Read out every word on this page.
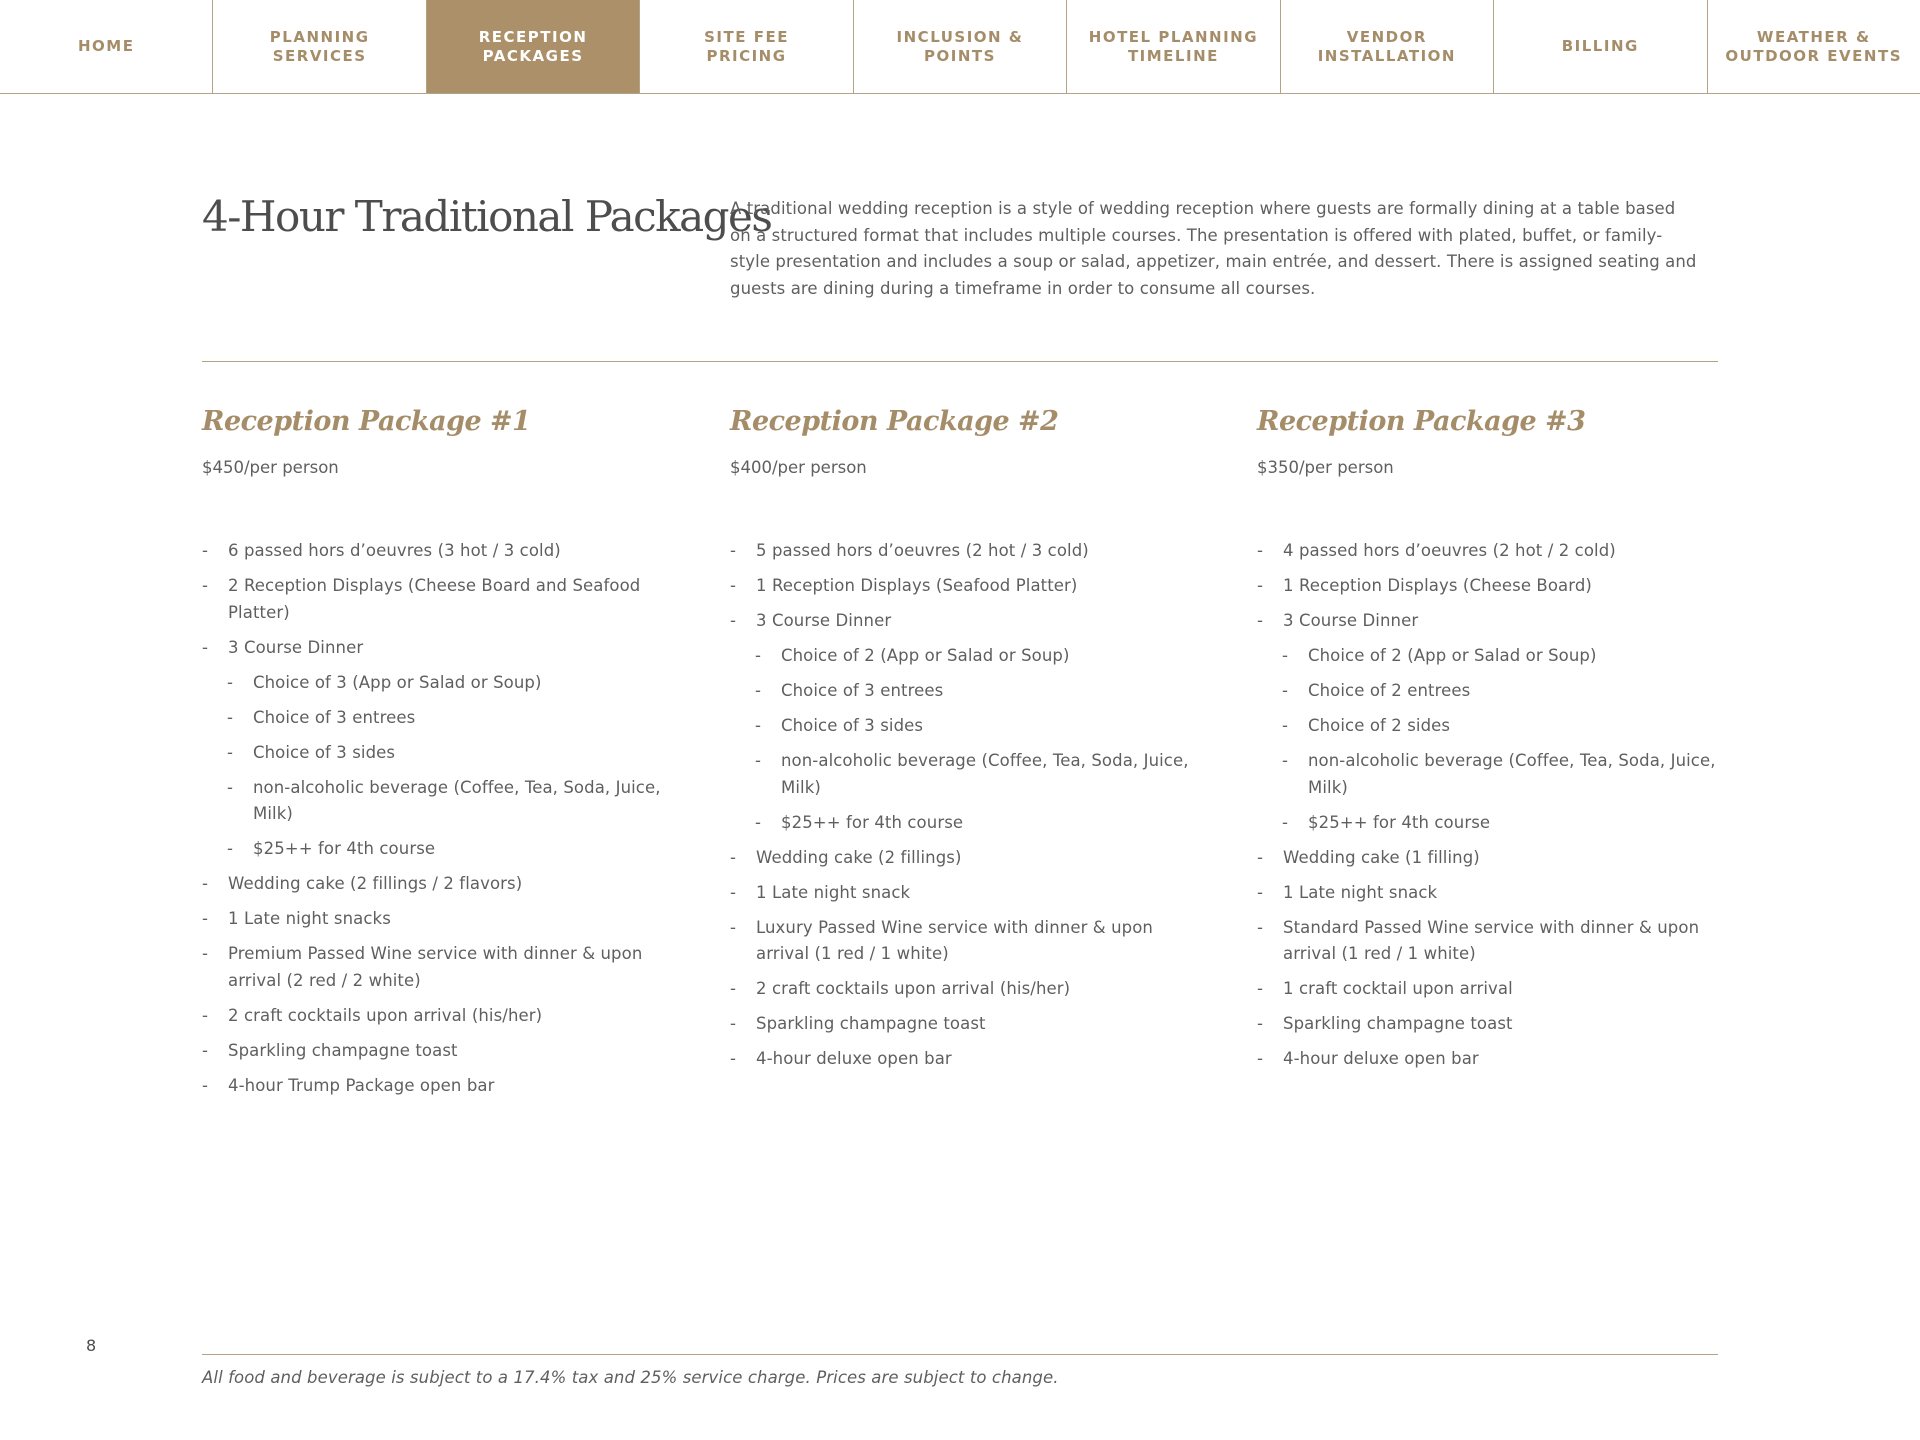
HOME
PLANNING
SERVICES
RECEPTION
PACKAGES
SITE FEE
PRICING
INCLUSION &
POINTS
HOTEL PLANNING
TIMELINE
VENDOR
INSTALLATION
BILLING
WEATHER &
OUTDOOR EVENTS
4-Hour Traditional Packages

A traditional wedding reception is a style of wedding reception where guests are formally dining at a table based on a structured format that includes multiple courses. The presentation is offered with plated, buffet, or family-style presentation and includes a soup or salad, appetizer, main entrée, and dessert. There is assigned seating and guests are dining during a timeframe in order to consume all courses.

Reception Package #1
$450/per person
- 6 passed hors d’oeuvres (3 hot / 3 cold)
- 2 Reception Displays (Cheese Board and Seafood Platter)
- 3 Course Dinner
- Choice of 3 (App or Salad or Soup)
- Choice of 3 entrees
- Choice of 3 sides
- non-alcoholic beverage (Coffee, Tea, Soda, Juice, Milk)
- $25++ for 4th course
- Wedding cake (2 fillings / 2 flavors)
- 1 Late night snacks
- Premium Passed Wine service with dinner & upon arrival (2 red / 2 white)
- 2 craft cocktails upon arrival (his/her)
- Sparkling champagne toast
- 4-hour Trump Package open bar
Reception Package #2
$400/per person
- 5 passed hors d’oeuvres (2 hot / 3 cold)
- 1 Reception Displays (Seafood Platter)
- 3 Course Dinner
- Choice of 2 (App or Salad or Soup)
- Choice of 3 entrees
- Choice of 3 sides
- non-alcoholic beverage (Coffee, Tea, Soda, Juice, Milk)
- $25++ for 4th course
- Wedding cake (2 fillings)
- 1 Late night snack
- Luxury Passed Wine service with dinner & upon arrival (1 red / 1 white)
- 2 craft cocktails upon arrival (his/her)
- Sparkling champagne toast
- 4-hour deluxe open bar
Reception Package #3
$350/per person
- 4 passed hors d’oeuvres (2 hot / 2 cold)
- 1 Reception Displays (Cheese Board)
- 3 Course Dinner
- Choice of 2 (App or Salad or Soup)
- Choice of 2 entrees
- Choice of 2 sides
- non-alcoholic beverage (Coffee, Tea, Soda, Juice, Milk)
- $25++ for 4th course
- Wedding cake (1 filling)
- 1 Late night snack
- Standard Passed Wine service with dinner & upon arrival (1 red / 1 white)
- 1 craft cocktail upon arrival
- Sparkling champagne toast
- 4-hour deluxe open bar
8

All food and beverage is subject to a 17.4% tax and 25% service charge. Prices are subject to change.
